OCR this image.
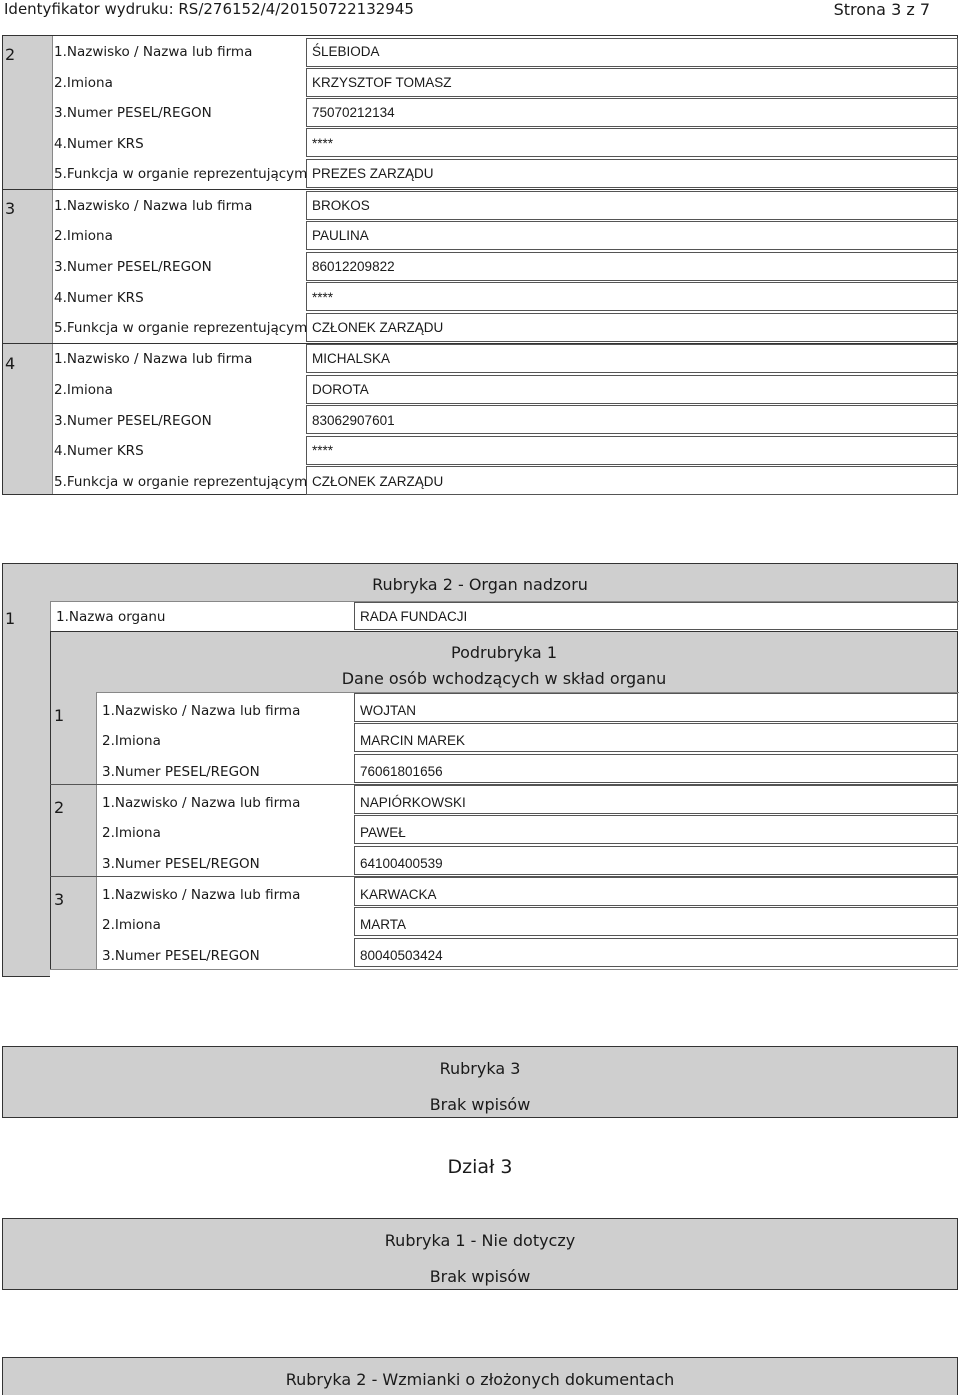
Identyfikator wydruku: RS/276152/4/20150722132945	Strona 3 z 7
2	1.Nazwisko / Nazwa lub firma	ŚLEBIODA
2.Imiona	KRZYSZTOF TOMASZ
3.Numer PESEL/REGON	75070212134
4.Numer KRS	****
5.Funkcja w organie reprezentującym PREZES ZARZĄDU
3	1.Nazwisko / Nazwa lub firma	BROKOS
2.Imiona	PAULINA
3.Numer PESEL/REGON	86012209822
4.Numer KRS	****
5.Funkcja w organie reprezentującym CZŁONEK ZARZĄDU
4	1.Nazwisko / Nazwa lub firma	MICHALSKA
2.Imiona	DOROTA
3.Numer PESEL/REGON	83062907601
4.Numer KRS	****
5.Funkcja w organie reprezentującym CZŁONEK ZARZĄDU
Rubryka 2 - Organ nadzoru
1	1.Nazwa organu	RADA FUNDACJI
Podrubryka 1
Dane osób wchodzących w skład organu
1	1.Nazwisko / Nazwa lub firma	WOJTAN
2.Imiona	MARCIN MAREK
3.Numer PESEL/REGON	76061801656
2	1.Nazwisko / Nazwa lub firma	NAPIÓRKOWSKI
2.Imiona	PAWEŁ
3.Numer PESEL/REGON	64100400539
3	1.Nazwisko / Nazwa lub firma	KARWACKA
2.Imiona	MARTA
3.Numer PESEL/REGON	80040503424
Rubryka 3
Brak wpisów
Dział 3
Rubryka 1 - Nie dotyczy
Brak wpisów
Rubryka 2 - Wzmianki o złożonych dokumentach
